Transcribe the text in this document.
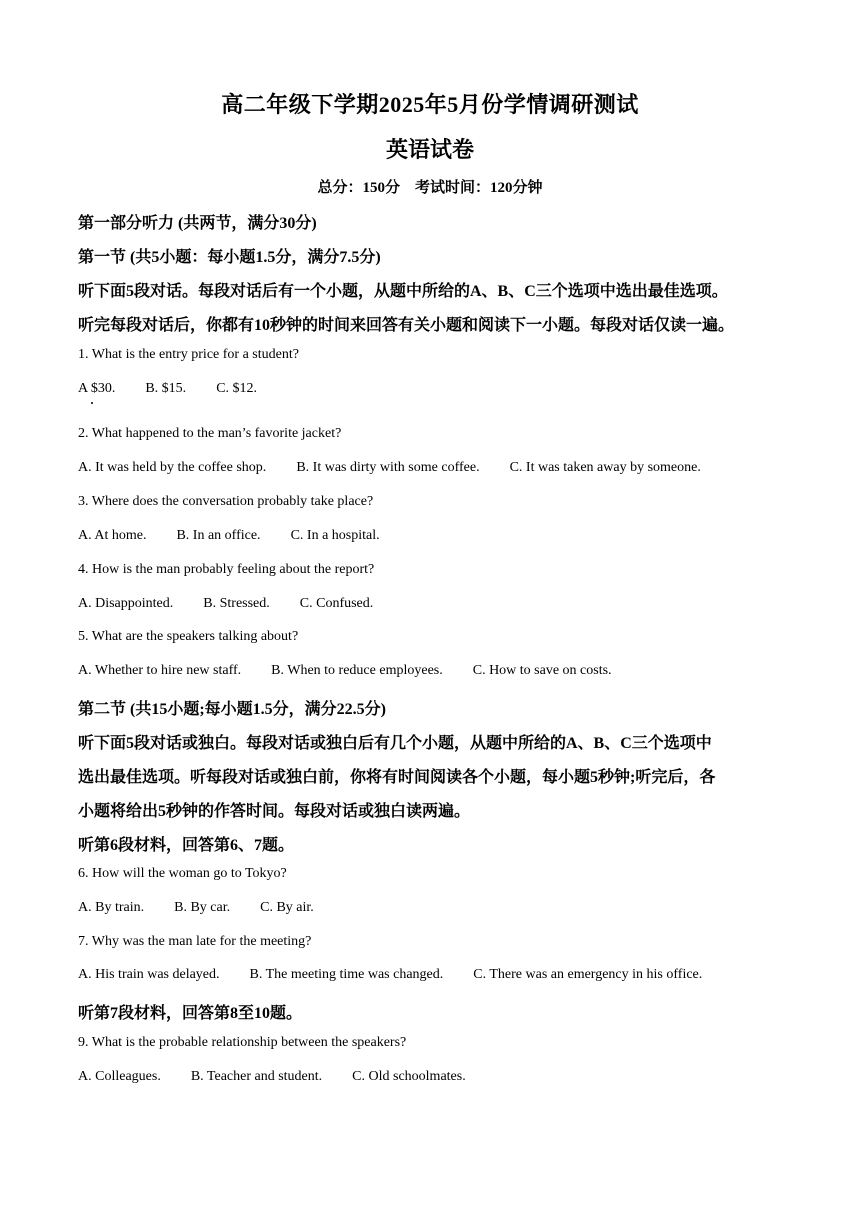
高二年级下学期2025年5月份学情调研测试
英语试卷
总分：150分　考试时间：120分钟
第一部分听力 (共两节，满分30分)
第一节 (共5小题：每小题1.5分，满分7.5分)
听下面5段对话。每段对话后有一个小题，从题中所给的A、B、C三个选项中选出最佳选项。
听完每段对话后，你都有10秒钟的时间来回答有关小题和阅读下一小题。每段对话仅读一遍。
1. What is the entry price for a student?
A $30. B. $15. C. $12.
2. What happened to the man’s favorite jacket?
A. It was held by the coffee shop. B. It was dirty with some coffee. C. It was taken away by someone.
3. Where does the conversation probably take place?
A. At home. B. In an office. C. In a hospital.
4. How is the man probably feeling about the report?
A. Disappointed. B. Stressed. C. Confused.
5. What are the speakers talking about?
A. Whether to hire new staff. B. When to reduce employees. C. How to save on costs.
第二节 (共15小题;每小题1.5分，满分22.5分)
听下面5段对话或独白。每段对话或独白后有几个小题，从题中所给的A、B、C三个选项中
选出最佳选项。听每段对话或独白前，你将有时间阅读各个小题，每小题5秒钟;听完后，各
小题将给出5秒钟的作答时间。每段对话或独白读两遍。
听第6段材料，回答第6、7题。
6. How will the woman go to Tokyo?
A. By train. B. By car. C. By air.
7. Why was the man late for the meeting?
A. His train was delayed. B. The meeting time was changed. C. There was an emergency in his office.
听第7段材料，回答第8至10题。
9. What is the probable relationship between the speakers?
A. Colleagues. B. Teacher and student. C. Old schoolmates.
